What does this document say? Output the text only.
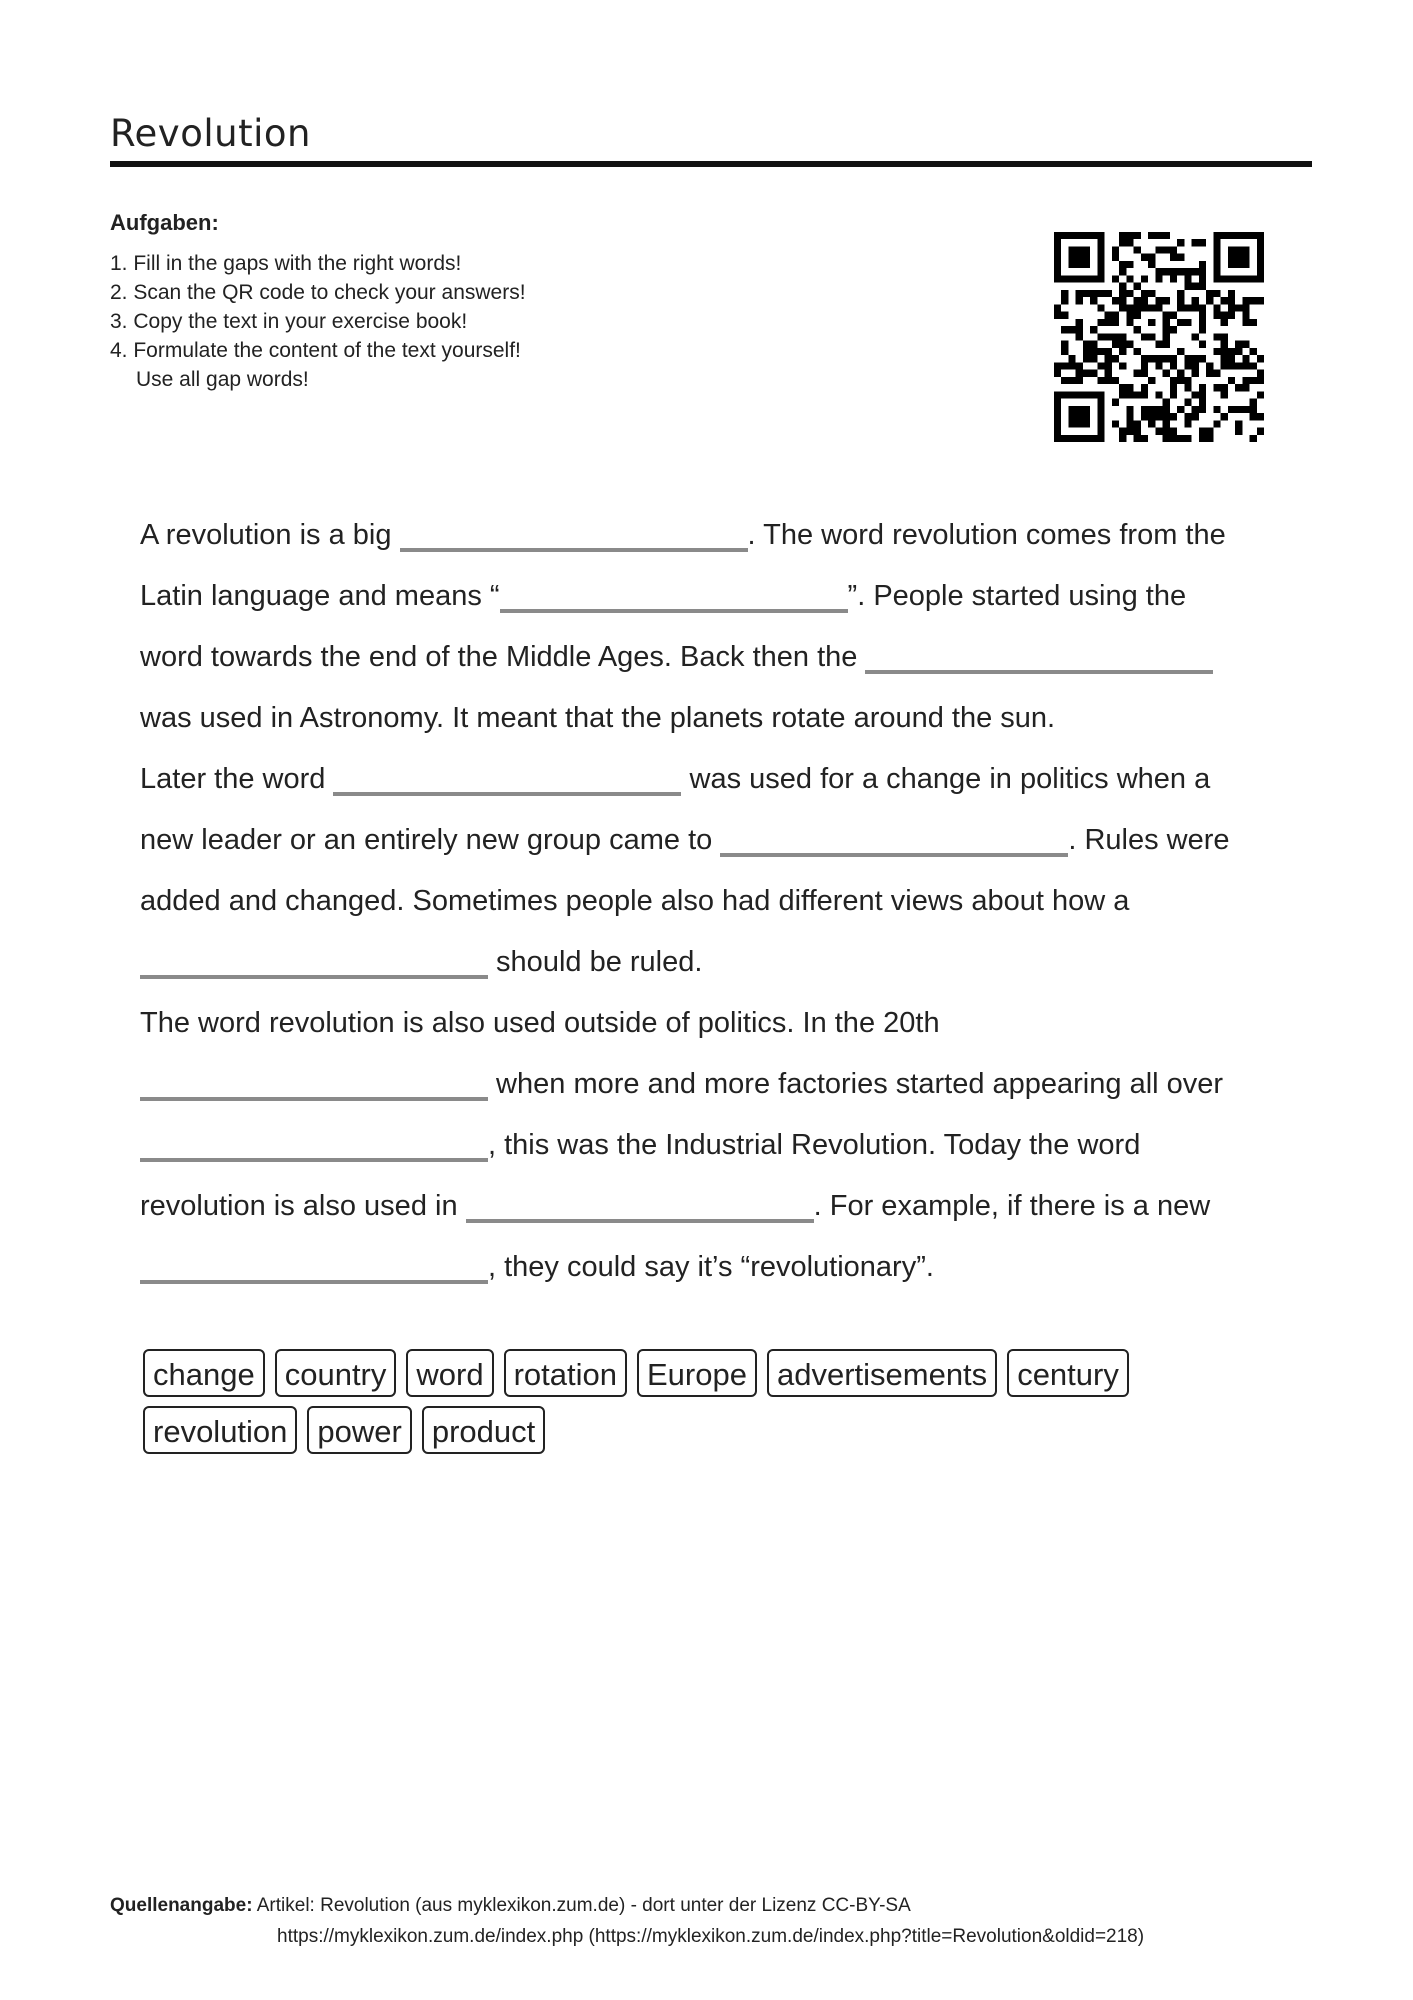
Revolution
Aufgaben:
1. Fill in the gaps with the right words!
2. Scan the QR code to check your answers!
3. Copy the text in your exercise book!
4. Formulate the content of the text yourself!
Use all gap words!
A revolution is a big	. The word revolution comes from the
Latin language and means “	”. People started using the
word towards the end of the Middle Ages. Back then the
was used in Astronomy. It meant that the planets rotate around the sun.
Later the word	was used for a change in politics when a
new leader or an entirely new group came to	. Rules were
added and changed. Sometimes people also had different views about how a
should be ruled.
The word revolution is also used outside of politics. In the 20th
when more and more factories started appearing all over
, this was the Industrial Revolution. Today the word
revolution is also used in	. For example, if there is a new
, they could say it’s “revolutionary”.
change country word rotation Europe advertisements century
revolution power product
Quellenangabe: Artikel: Revolution (aus myklexikon.zum.de) - dort unter der Lizenz CC-BY-SA
https://myklexikon.zum.de/index.php (https://myklexikon.zum.de/index.php?title=Revolution&oldid=218)
